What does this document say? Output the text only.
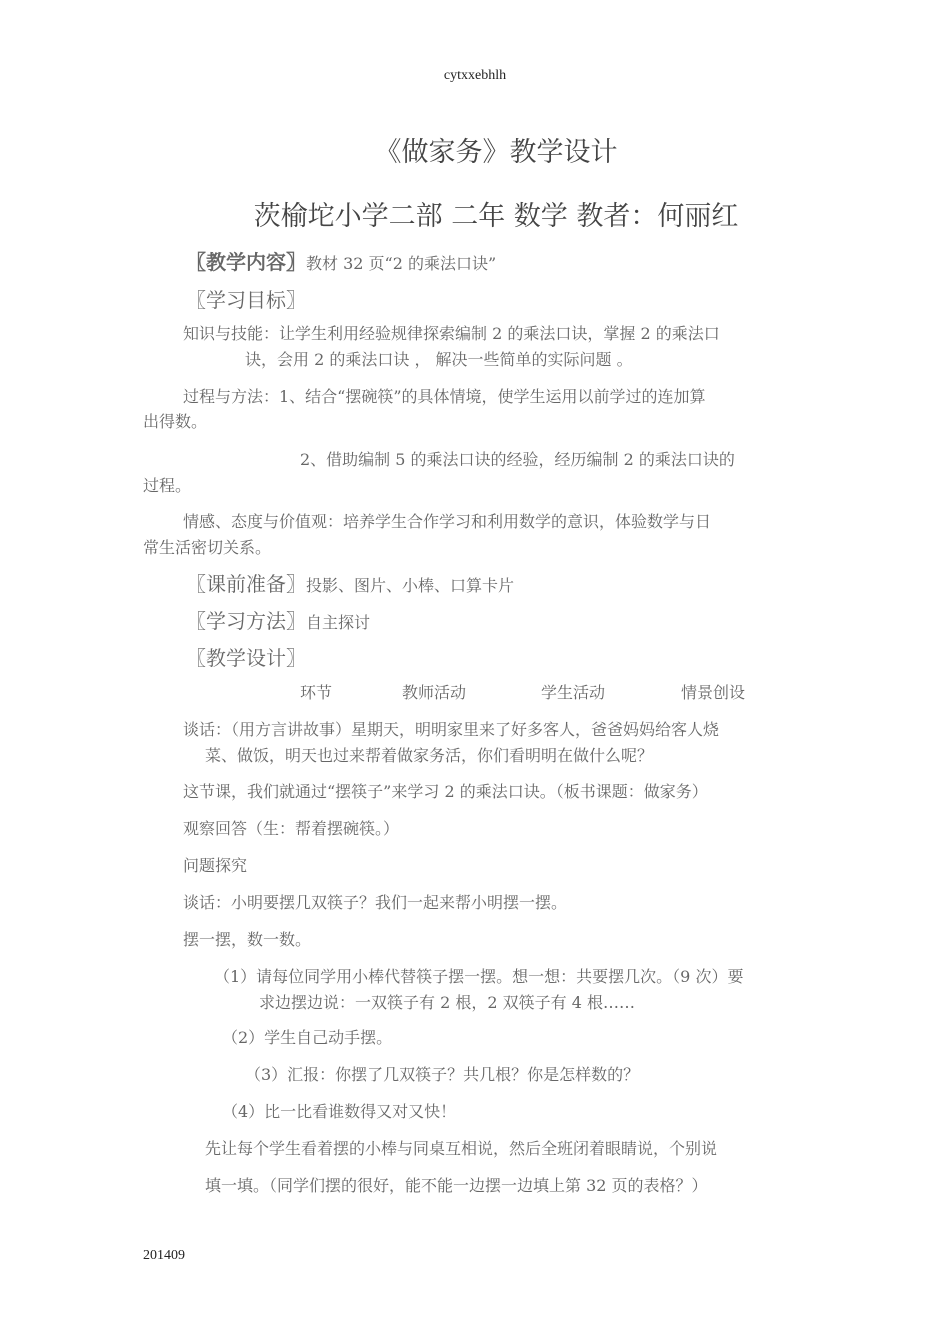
cytxxebhlh
《做家务》教学设计
茨榆坨小学二部 二年 数学 教者：何丽红
〖教学内容〗教材 32 页“2 的乘法口诀”
〖学习目标〗
知识与技能：让学生利用经验规律探索编制 2 的乘法口诀，掌握 2 的乘法口
诀，会用 2 的乘法口诀 ， 解决一些简单的实际问题 。
过程与方法：1、结合“摆碗筷”的具体情境，使学生运用以前学过的连加算
出得数。
2、借助编制 5 的乘法口诀的经验，经历编制 2 的乘法口诀的
过程。
情感、态度与价值观：培养学生合作学习和利用数学的意识，体验数学与日
常生活密切关系。
〖课前准备〗投影、图片、小棒、口算卡片
〖学习方法〗自主探讨
〖教学设计〗
环节	教师活动	学生活动	情景创设
谈话：（用方言讲故事）星期天，明明家里来了好多客人，爸爸妈妈给客人烧
菜、做饭，明天也过来帮着做家务活，你们看明明在做什么呢？
这节课，我们就通过“摆筷子”来学习 2 的乘法口诀。（板书课题：做家务）
观察回答（生：帮着摆碗筷。）
问题探究
谈话：小明要摆几双筷子？我们一起来帮小明摆一摆。
摆一摆，数一数。
（1）请每位同学用小棒代替筷子摆一摆。想一想：共要摆几次。（9 次）要
求边摆边说：一双筷子有 2 根，2 双筷子有 4 根……
（2）学生自己动手摆。
（3）汇报：你摆了几双筷子？共几根？你是怎样数的？
（4）比一比看谁数得又对又快！
先让每个学生看着摆的小棒与同桌互相说，然后全班闭着眼睛说，个别说
填一填。（同学们摆的很好，能不能一边摆一边填上第 32 页的表格？）
201409
